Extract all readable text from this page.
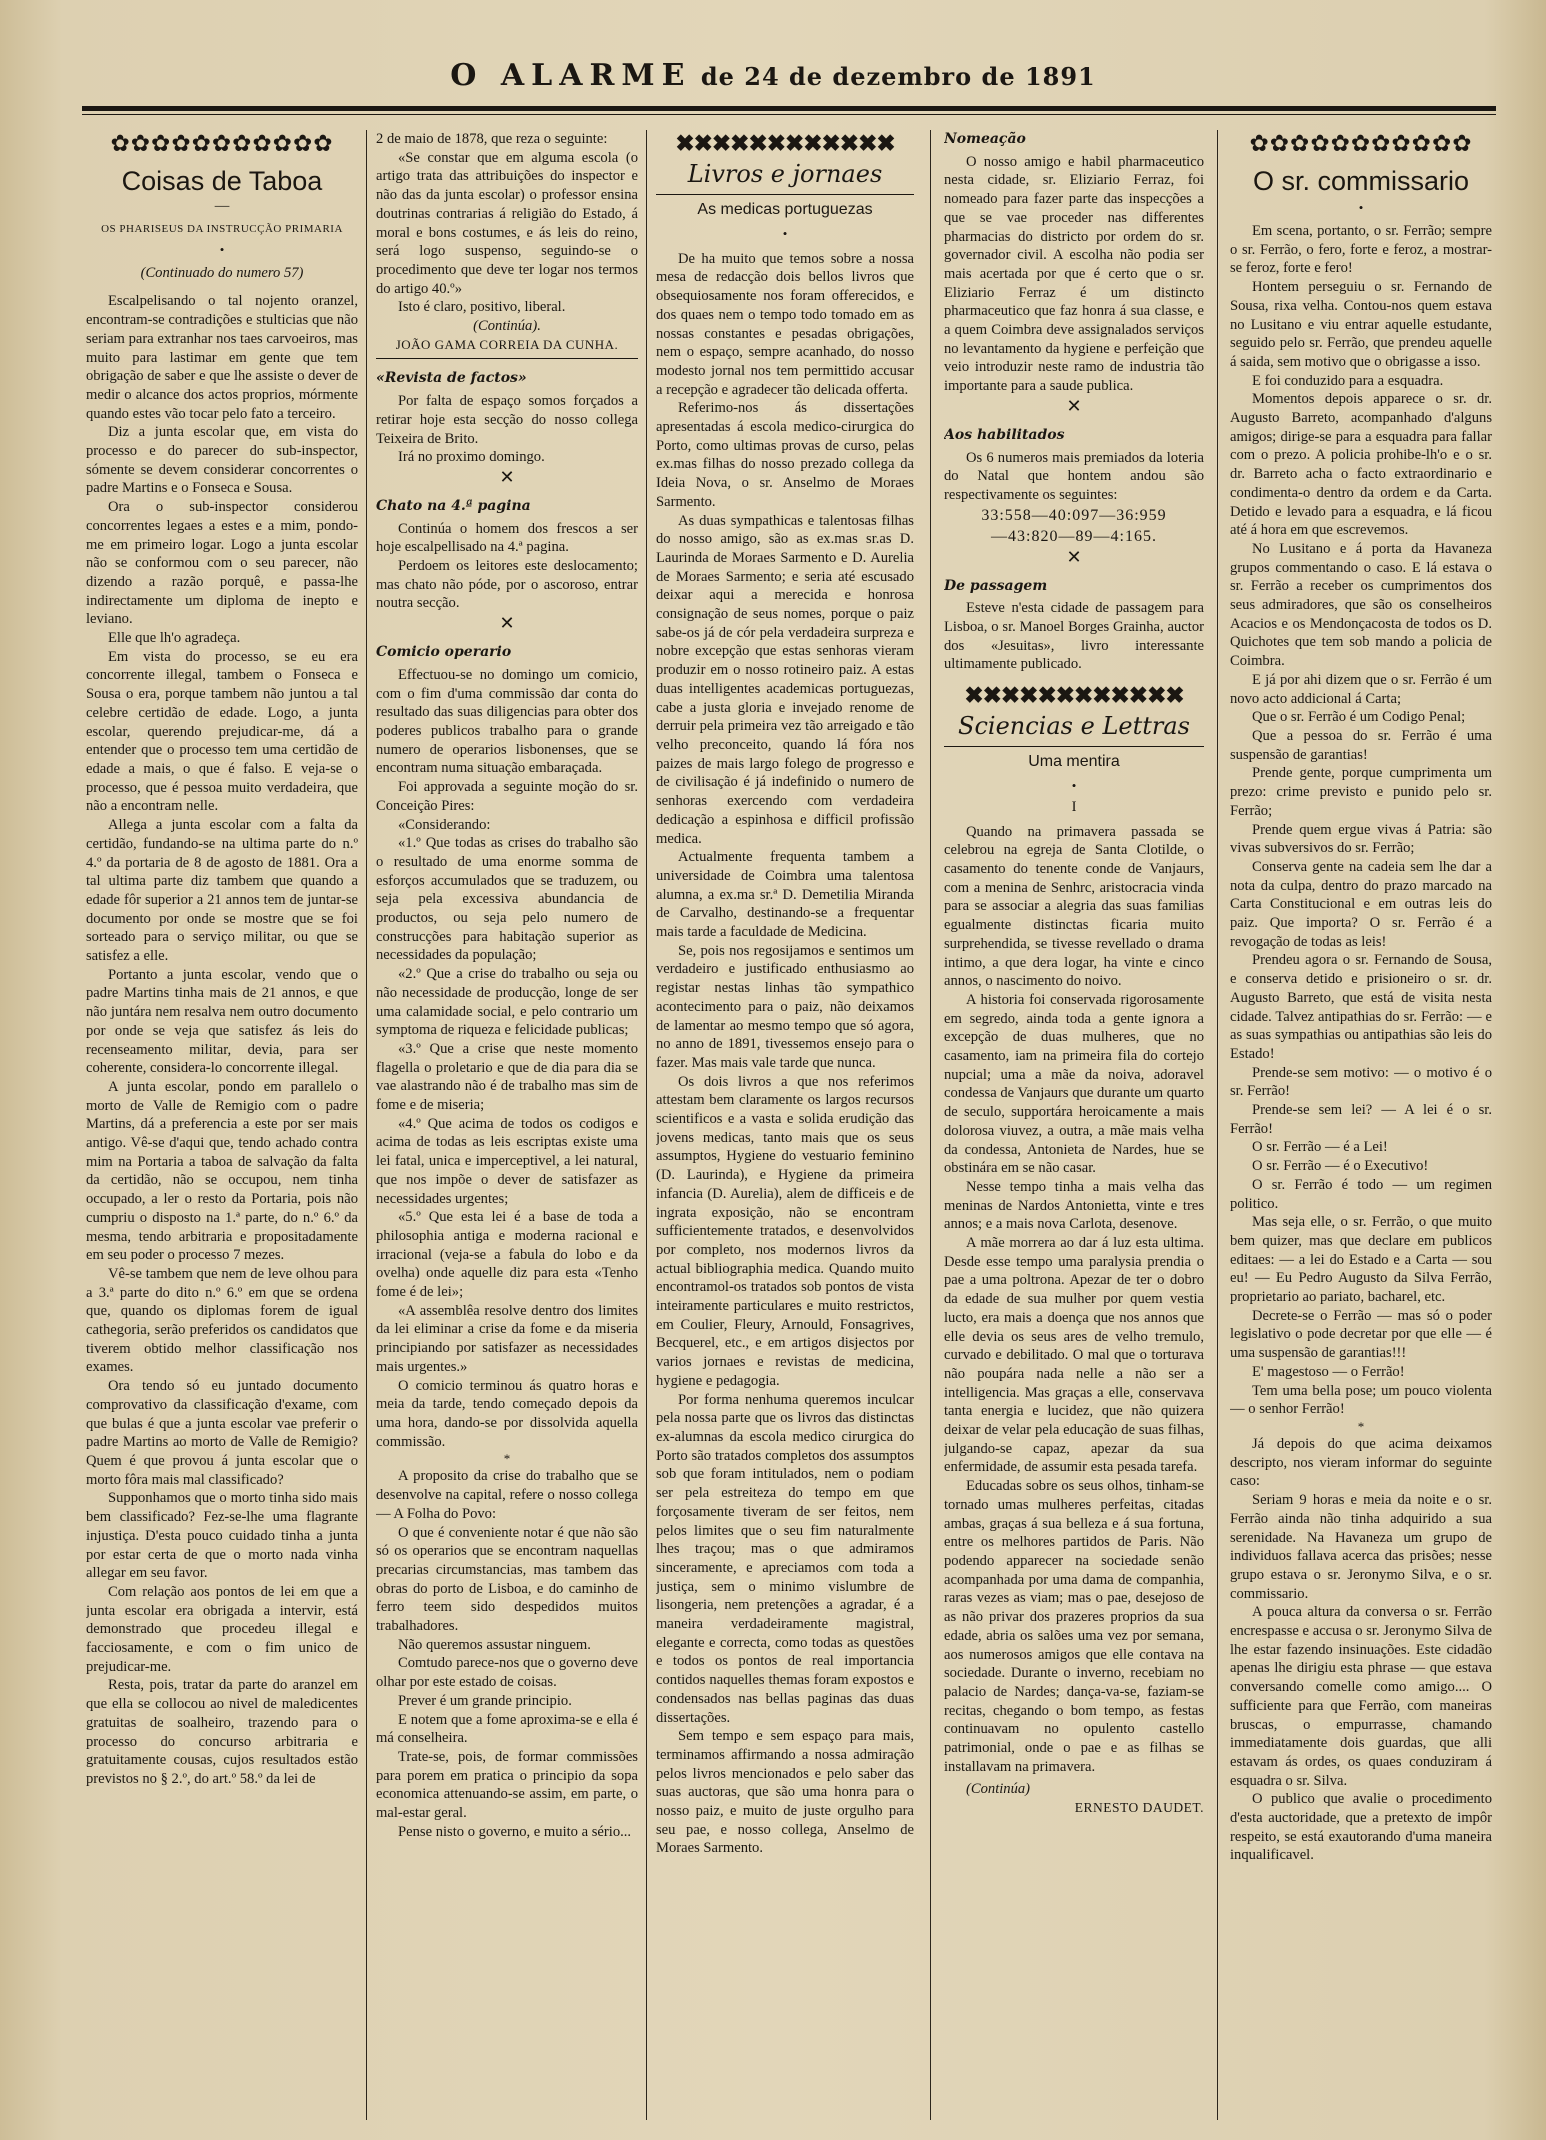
O ALARME de 24 de dezembro de 1891
✿✿✿✿✿✿✿✿✿✿✿
Coisas de Taboa
—
OS PHARISEUS DA INSTRUCÇÃO PRIMARIA
•

(Continuado do numero 57)

Escalpelisando o tal nojento oranzel, encontram-se contradições e stulticias que não seriam para extranhar nos taes carvoeiros, mas muito para lastimar em gente que tem obrigação de saber e que lhe assiste o dever de medir o alcance dos actos proprios, mórmente quando estes vão tocar pelo fato a terceiro.

Diz a junta escolar que, em vista do processo e do parecer do sub-inspector, sómente se devem considerar concorrentes o padre Martins e o Fonseca e Sousa.

Ora o sub-inspector considerou concorrentes legaes a estes e a mim, pondo-me em primeiro logar. Logo a junta escolar não se conformou com o seu parecer, não dizendo a razão porquê, e passa-lhe indirectamente um diploma de inepto e leviano.

Elle que lh'o agradeça.

Em vista do processo, se eu era concorrente illegal, tambem o Fonseca e Sousa o era, porque tambem não juntou a tal celebre certidão de edade. Logo, a junta escolar, querendo prejudicar-me, dá a entender que o processo tem uma certidão de edade a mais, o que é falso. E veja-se o processo, que é pessoa muito verdadeira, que não a encontram nelle.

Allega a junta escolar com a falta da certidão, fundando-se na ultima parte do n.º 4.º da portaria de 8 de agosto de 1881. Ora a tal ultima parte diz tambem que quando a edade fôr superior a 21 annos tem de juntar-se documento por onde se mostre que se foi sorteado para o serviço militar, ou que se satisfez a elle.

Portanto a junta escolar, vendo que o padre Martins tinha mais de 21 annos, e que não juntára nem resalva nem outro documento por onde se veja que satisfez ás leis do recenseamento militar, devia, para ser coherente, considera-lo concorrente illegal.

A junta escolar, pondo em parallelo o morto de Valle de Remigio com o padre Martins, dá a preferencia a este por ser mais antigo. Vê-se d'aqui que, tendo achado contra mim na Portaria a taboa de salvação da falta da certidão, não se occupou, nem tinha occupado, a ler o resto da Portaria, pois não cumpriu o disposto na 1.ª parte, do n.º 6.º da mesma, tendo arbitraria e propositadamente em seu poder o processo 7 mezes.

Vê-se tambem que nem de leve olhou para a 3.ª parte do dito n.º 6.º em que se ordena que, quando os diplomas forem de igual cathegoria, serão preferidos os candidatos que tiverem obtido melhor classificação nos exames.

Ora tendo só eu juntado documento comprovativo da classificação d'exame, com que bulas é que a junta escolar vae preferir o padre Martins ao morto de Valle de Remigio? Quem é que provou á junta escolar que o morto fôra mais mal classificado?

Supponhamos que o morto tinha sido mais bem classificado? Fez-se-lhe uma flagrante injustiça. D'esta pouco cuidado tinha a junta por estar certa de que o morto nada vinha allegar em seu favor.

Com relação aos pontos de lei em que a junta escolar era obrigada a intervir, está demonstrado que procedeu illegal e facciosamente, e com o fim unico de prejudicar-me.

Resta, pois, tratar da parte do aranzel em que ella se collocou ao nivel de maledicentes gratuitas de soalheiro, trazendo para o processo do concurso arbitraria e gratuitamente cousas, cujos resultados estão previstos no § 2.º, do art.º 58.º da lei de

2 de maio de 1878, que reza o seguinte:

«Se constar que em alguma escola (o artigo trata das attribuições do inspector e não das da junta escolar) o professor ensina doutrinas contrarias á religião do Estado, á moral e bons costumes, e ás leis do reino, será logo suspenso, seguindo-se o procedimento que deve ter logar nos termos do artigo 40.º»

Isto é claro, positivo, liberal.

(Continúa).

JOÃO GAMA CORREIA DA CUNHA.

«Revista de factos»

Por falta de espaço somos forçados a retirar hoje esta secção do nosso collega Teixeira de Brito.

Irá no proximo domingo.

✕
Chato na 4.ª pagina

Continúa o homem dos frescos a ser hoje escalpellisado na 4.ª pagina.

Perdoem os leitores este deslocamento; mas chato não póde, por o ascoroso, entrar noutra secção.

✕
Comicio operario

Effectuou-se no domingo um comicio, com o fim d'uma commissão dar conta do resultado das suas diligencias para obter dos poderes publicos trabalho para o grande numero de operarios lisbonenses, que se encontram numa situação embaraçada.

Foi approvada a seguinte moção do sr. Conceição Pires:

«Considerando:

«1.º Que todas as crises do trabalho são o resultado de uma enorme somma de esforços accumulados que se traduzem, ou seja pela excessiva abundancia de productos, ou seja pelo numero de construcções para habitação superior as necessidades da população;

«2.º Que a crise do trabalho ou seja ou não necessidade de producção, longe de ser uma calamidade social, e pelo contrario um symptoma de riqueza e felicidade publicas;

«3.º Que a crise que neste momento flagella o proletario e que de dia para dia se vae alastrando não é de trabalho mas sim de fome e de miseria;

«4.º Que acima de todos os codigos e acima de todas as leis escriptas existe uma lei fatal, unica e imperceptivel, a lei natural, que nos impõe o dever de satisfazer as necessidades urgentes;

«5.º Que esta lei é a base de toda a philosophia antiga e moderna racional e irracional (veja-se a fabula do lobo e da ovelha) onde aquelle diz para esta «Tenho fome é de lei»;

«A assemblêa resolve dentro dos limites da lei eliminar a crise da fome e da miseria principiando por satisfazer as necessidades mais urgentes.»

O comicio terminou ás quatro horas e meia da tarde, tendo começado depois da uma hora, dando-se por dissolvida aquella commissão.

*

A proposito da crise do trabalho que se desenvolve na capital, refere o nosso collega — A Folha do Povo:

O que é conveniente notar é que não são só os operarios que se encontram naquellas precarias circumstancias, mas tambem das obras do porto de Lisboa, e do caminho de ferro teem sido despedidos muitos trabalhadores.

Não queremos assustar ninguem.

Comtudo parece-nos que o governo deve olhar por este estado de coisas.

Prever é um grande principio.

E notem que a fome aproxima-se e ella é má conselheira.

Trate-se, pois, de formar commissões para porem em pratica o principio da sopa economica attenuando-se assim, em parte, o mal-estar geral.

Pense nisto o governo, e muito a sério...

✖✖✖✖✖✖✖✖✖✖✖✖
Livros e jornaes
As medicas portuguezas
•

De ha muito que temos sobre a nossa mesa de redacção dois bellos livros que obsequiosamente nos foram offerecidos, e dos quaes nem o tempo todo tomado em as nossas constantes e pesadas obrigações, nem o espaço, sempre acanhado, do nosso modesto jornal nos tem permittido accusar a recepção e agradecer tão delicada offerta.

Referimo-nos ás dissertações apresentadas á escola medico-cirurgica do Porto, como ultimas provas de curso, pelas ex.mas filhas do nosso prezado collega da Ideia Nova, o sr. Anselmo de Moraes Sarmento.

As duas sympathicas e talentosas filhas do nosso amigo, são as ex.mas sr.as D. Laurinda de Moraes Sarmento e D. Aurelia de Moraes Sarmento; e seria até escusado deixar aqui a merecida e honrosa consignação de seus nomes, porque o paiz sabe-os já de cór pela verdadeira surpreza e nobre excepção que estas senhoras vieram produzir em o nosso rotineiro paiz. A estas duas intelligentes academicas portuguezas, cabe a justa gloria e invejado renome de derruir pela primeira vez tão arreigado e tão velho preconceito, quando lá fóra nos paizes de mais largo folego de progresso e de civilisação é já indefinido o numero de senhoras exercendo com verdadeira dedicação a espinhosa e difficil profissão medica.

Actualmente frequenta tambem a universidade de Coimbra uma talentosa alumna, a ex.ma sr.ª D. Demetilia Miranda de Carvalho, destinando-se a frequentar mais tarde a faculdade de Medicina.

Se, pois nos regosijamos e sentimos um verdadeiro e justificado enthusiasmo ao registar nestas linhas tão sympathico acontecimento para o paiz, não deixamos de lamentar ao mesmo tempo que só agora, no anno de 1891, tivessemos ensejo para o fazer. Mas mais vale tarde que nunca.

Os dois livros a que nos referimos attestam bem claramente os largos recursos scientificos e a vasta e solida erudição das jovens medicas, tanto mais que os seus assumptos, Hygiene do vestuario feminino (D. Laurinda), e Hygiene da primeira infancia (D. Aurelia), alem de difficeis e de ingrata exposição, não se encontram sufficientemente tratados, e desenvolvidos por completo, nos modernos livros da actual bibliographia medica. Quando muito encontramol-os tratados sob pontos de vista inteiramente particulares e muito restrictos, em Coulier, Fleury, Arnould, Fonsagrives, Becquerel, etc., e em artigos disjectos por varios jornaes e revistas de medicina, hygiene e pedagogia.

Por forma nenhuma queremos inculcar pela nossa parte que os livros das distinctas ex-alumnas da escola medico cirurgica do Porto são tratados completos dos assumptos sob que foram intitulados, nem o podiam ser pela estreiteza do tempo em que forçosamente tiveram de ser feitos, nem pelos limites que o seu fim naturalmente lhes traçou; mas o que admiramos sinceramente, e apreciamos com toda a justiça, sem o minimo vislumbre de lisongeria, nem pretenções a agradar, é a maneira verdadeiramente magistral, elegante e correcta, como todas as questões e todos os pontos de real importancia contidos naquelles themas foram expostos e condensados nas bellas paginas das duas dissertações.

Sem tempo e sem espaço para mais, terminamos affirmando a nossa admiração pelos livros mencionados e pelo saber das suas auctoras, que são uma honra para o nosso paiz, e muito de juste orgulho para seu pae, e nosso collega, Anselmo de Moraes Sarmento.

Nomeação

O nosso amigo e habil pharmaceutico nesta cidade, sr. Eliziario Ferraz, foi nomeado para fazer parte das inspecções a que se vae proceder nas differentes pharmacias do districto por ordem do sr. governador civil. A escolha não podia ser mais acertada por que é certo que o sr. Eliziario Ferraz é um distincto pharmaceutico que faz honra á sua classe, e a quem Coimbra deve assignalados serviços no levantamento da hygiene e perfeição que veio introduzir neste ramo de industria tão importante para a saude publica.

✕
Aos habilitados

Os 6 numeros mais premiados da loteria do Natal que hontem andou são respectivamente os seguintes:

33:558—40:097—36:959
—43:820—89—4:165.
✕
De passagem

Esteve n'esta cidade de passagem para Lisboa, o sr. Manoel Borges Grainha, auctor dos «Jesuitas», livro interessante ultimamente publicado.

✖✖✖✖✖✖✖✖✖✖✖✖
Sciencias e Lettras
Uma mentira
•

I

Quando na primavera passada se celebrou na egreja de Santa Clotilde, o casamento do tenente conde de Vanjaurs, com a menina de Senhrc, aristocracia vinda para se associar a alegria das suas familias egualmente distinctas ficaria muito surprehendida, se tivesse revellado o drama intimo, a que dera logar, ha vinte e cinco annos, o nascimento do noivo.

A historia foi conservada rigorosamente em segredo, ainda toda a gente ignora a excepção de duas mulheres, que no casamento, iam na primeira fila do cortejo nupcial; uma a mãe da noiva, adoravel condessa de Vanjaurs que durante um quarto de seculo, supportára heroicamente a mais dolorosa viuvez, a outra, a mãe mais velha da condessa, Antonieta de Nardes, hue se obstinára em se não casar.

Nesse tempo tinha a mais velha das meninas de Nardos Antonietta, vinte e tres annos; e a mais nova Carlota, desenove.

A mãe morrera ao dar á luz esta ultima. Desde esse tempo uma paralysia prendia o pae a uma poltrona. Apezar de ter o dobro da edade de sua mulher por quem vestia lucto, era mais a doença que nos annos que elle devia os seus ares de velho tremulo, curvado e debilitado. O mal que o torturava não poupára nada nelle a não ser a intelligencia. Mas graças a elle, conservava tanta energia e lucidez, que não quizera deixar de velar pela educação de suas filhas, julgando-se capaz, apezar da sua enfermidade, de assumir esta pesada tarefa.

Educadas sobre os seus olhos, tinham-se tornado umas mulheres perfeitas, citadas ambas, graças á sua belleza e á sua fortuna, entre os melhores partidos de Paris. Não podendo apparecer na sociedade senão acompanhada por uma dama de companhia, raras vezes as viam; mas o pae, desejoso de as não privar dos prazeres proprios da sua edade, abria os salões uma vez por semana, aos numerosos amigos que elle contava na sociedade. Durante o inverno, recebiam no palacio de Nardes; dança-va-se, faziam-se recitas, chegando o bom tempo, as festas continuavam no opulento castello patrimonial, onde o pae e as filhas se installavam na primavera.

(Continúa)

ERNESTO DAUDET.
✿✿✿✿✿✿✿✿✿✿✿
O sr. commissario
•

Em scena, portanto, o sr. Ferrão; sempre o sr. Ferrão, o fero, forte e feroz, a mostrar-se feroz, forte e fero!

Hontem perseguiu o sr. Fernando de Sousa, rixa velha. Contou-nos quem estava no Lusitano e viu entrar aquelle estudante, seguido pelo sr. Ferrão, que prendeu aquelle á saida, sem motivo que o obrigasse a isso.

E foi conduzido para a esquadra.

Momentos depois apparece o sr. dr. Augusto Barreto, acompanhado d'alguns amigos; dirige-se para a esquadra para fallar com o prezo. A policia prohibe-lh'o e o sr. dr. Barreto acha o facto extraordinario e condimenta-o dentro da ordem e da Carta. Detido e levado para a esquadra, e lá ficou até á hora em que escrevemos.

No Lusitano e á porta da Havaneza grupos commentando o caso. E lá estava o sr. Ferrão a receber os cumprimentos dos seus admiradores, que são os conselheiros Acacios e os Mendonçacosta de todos os D. Quichotes que tem sob mando a policia de Coimbra.

E já por ahi dizem que o sr. Ferrão é um novo acto addicional á Carta;

Que o sr. Ferrão é um Codigo Penal;

Que a pessoa do sr. Ferrão é uma suspensão de garantias!

Prende gente, porque cumprimenta um prezo: crime previsto e punido pelo sr. Ferrão;

Prende quem ergue vivas á Patria: são vivas subversivos do sr. Ferrão;

Conserva gente na cadeia sem lhe dar a nota da culpa, dentro do prazo marcado na Carta Constitucional e em outras leis do paiz. Que importa? O sr. Ferrão é a revogação de todas as leis!

Prendeu agora o sr. Fernando de Sousa, e conserva detido e prisioneiro o sr. dr. Augusto Barreto, que está de visita nesta cidade. Talvez antipathias do sr. Ferrão: — e as suas sympathias ou antipathias são leis do Estado!

Prende-se sem motivo: — o motivo é o sr. Ferrão!

Prende-se sem lei? — A lei é o sr. Ferrão!

O sr. Ferrão — é a Lei!

O sr. Ferrão — é o Executivo!

O sr. Ferrão é todo — um regimen politico.

Mas seja elle, o sr. Ferrão, o que muito bem quizer, mas que declare em publicos editaes: — a lei do Estado e a Carta — sou eu! — Eu Pedro Augusto da Silva Ferrão, proprietario ao pariato, bacharel, etc.

Decrete-se o Ferrão — mas só o poder legislativo o pode decretar por que elle — é uma suspensão de garantias!!!

E' magestoso — o Ferrão!

Tem uma bella pose; um pouco violenta — o senhor Ferrão!

*

Já depois do que acima deixamos descripto, nos vieram informar do seguinte caso:

Seriam 9 horas e meia da noite e o sr. Ferrão ainda não tinha adquirido a sua serenidade. Na Havaneza um grupo de individuos fallava acerca das prisões; nesse grupo estava o sr. Jeronymo Silva, e o sr. commissario.

A pouca altura da conversa o sr. Ferrão encrespasse e accusa o sr. Jeronymo Silva de lhe estar fazendo insinuações. Este cidadão apenas lhe dirigiu esta phrase — que estava conversando comelle como amigo.... O sufficiente para que Ferrão, com maneiras bruscas, o empurrasse, chamando immediatamente dois guardas, que alli estavam ás ordes, os quaes conduziram á esquadra o sr. Silva.

O publico que avalie o procedimento d'esta auctoridade, que a pretexto de impôr respeito, se está exautorando d'uma maneira inqualificavel.
